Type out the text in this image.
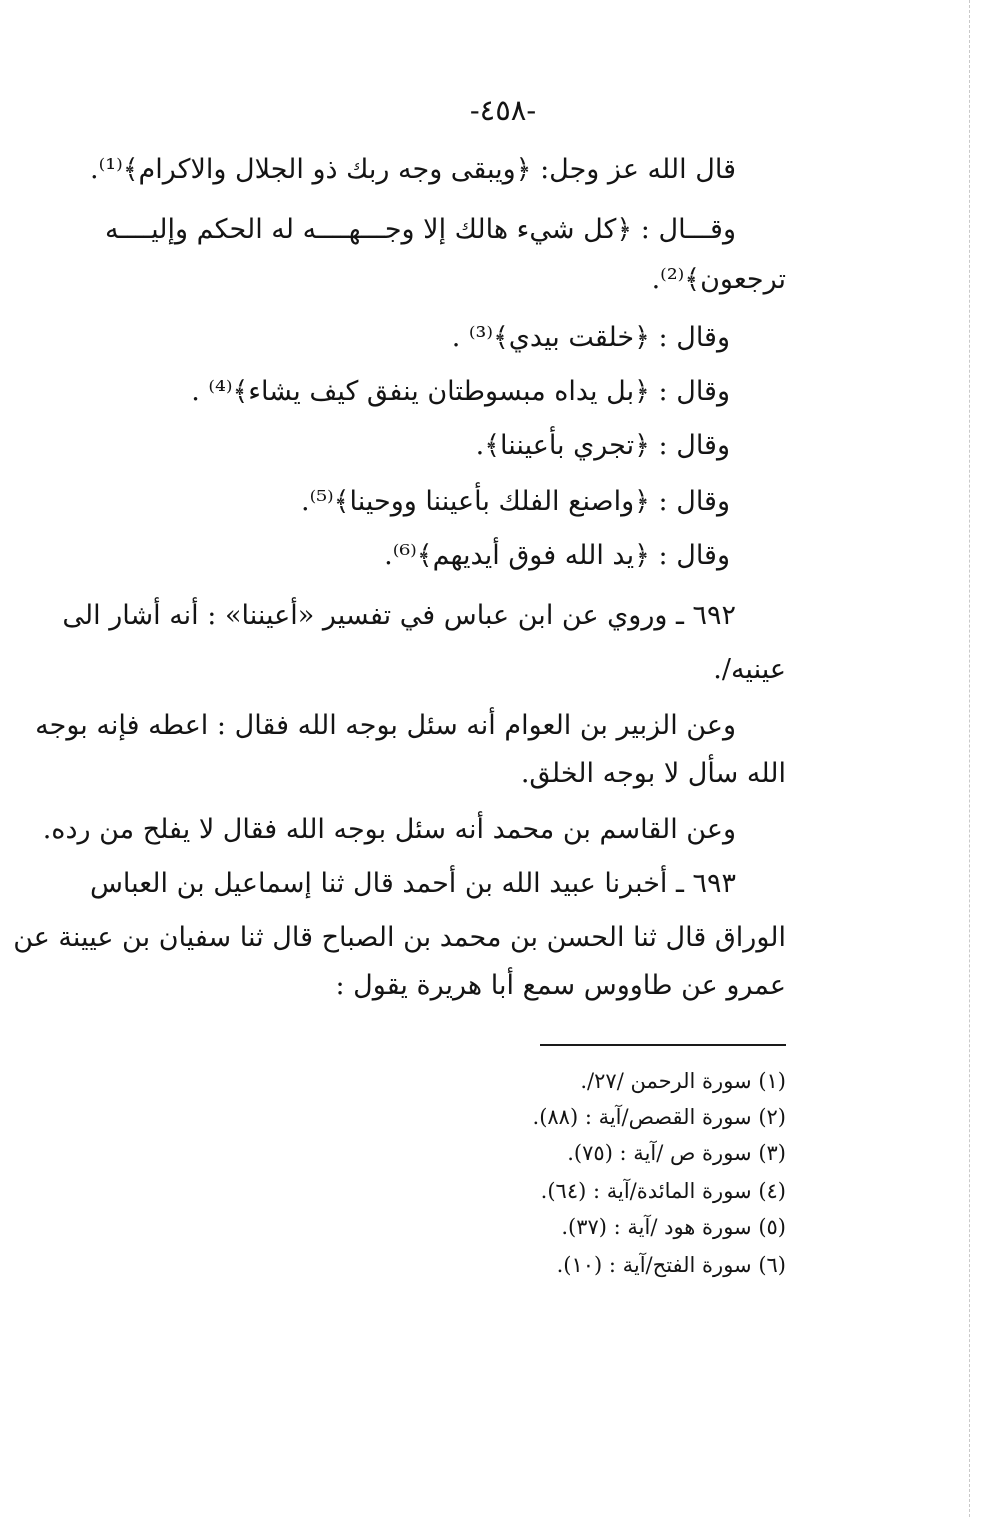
-٤٥٨-
قال الله عز وجل: ﴿ويبقى وجه ربك ذو الجلال والاكرام﴾⁽¹⁾.
وقـــال : ﴿كل شيء هالك إلا وجـــهــــه له الحكم وإليــــه
ترجعون﴾⁽²⁾.
وقال : ﴿خلقت بيدي﴾⁽³⁾ .
وقال : ﴿بل يداه مبسوطتان ينفق كيف يشاء﴾⁽⁴⁾ .
وقال : ﴿تجري بأعيننا﴾.
وقال : ﴿واصنع الفلك بأعيننا ووحينا﴾⁽⁵⁾.
وقال : ﴿يد الله فوق أيديهم﴾⁽⁶⁾.
٦٩٢ ـ وروي عن ابن عباس في تفسير «أعيننا» : أنه أشار الى
عينيه/.
وعن الزبير بن العوام أنه سئل بوجه الله فقال : اعطه فإنه بوجه
الله سأل لا بوجه الخلق.
وعن القاسم بن محمد أنه سئل بوجه الله فقال لا يفلح من رده.
٦٩٣ ـ أخبرنا عبيد الله بن أحمد قال ثنا إسماعيل بن العباس
الوراق قال ثنا الحسن بن محمد بن الصباح قال ثنا سفيان بن عيينة عن
عمرو عن طاووس سمع أبا هريرة يقول :
(١) سورة الرحمن /٢٧/.
(٢) سورة القصص/آية : (٨٨).
(٣) سورة ص /آية : (٧٥).
(٤) سورة المائدة/آية : (٦٤).
(٥) سورة هود /آية : (٣٧).
(٦) سورة الفتح/آية : (١٠).
